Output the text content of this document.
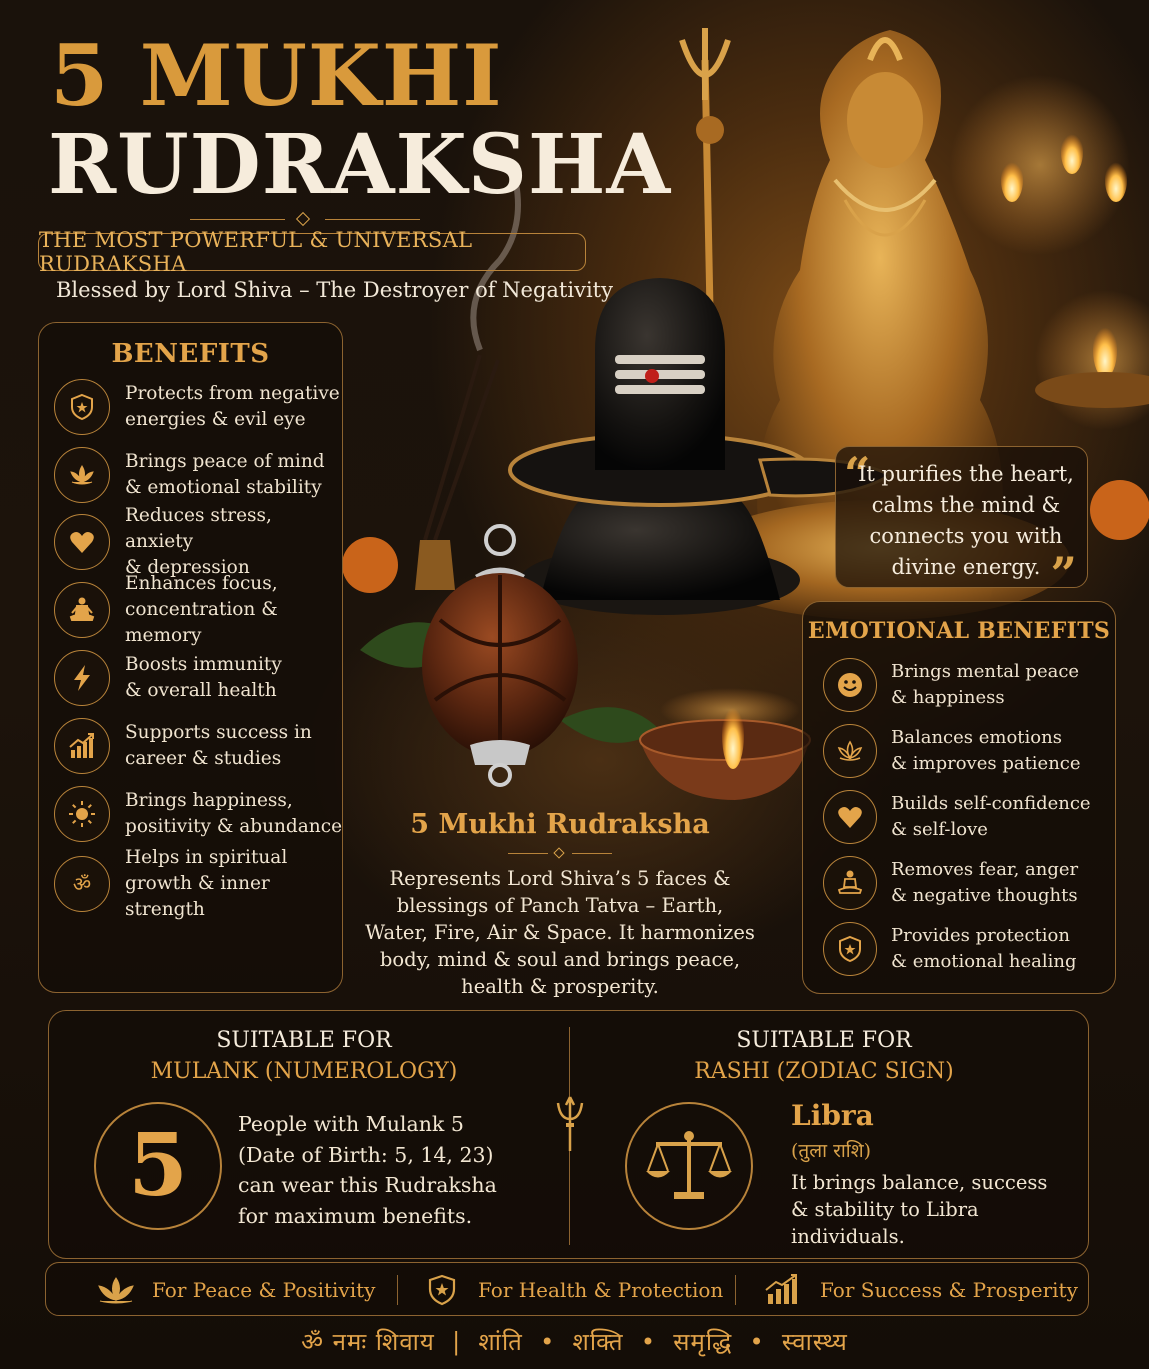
5 MUKHI
RUDRAKSHA
THE MOST POWERFUL & UNIVERSAL RUDRAKSHA
Blessed by Lord Shiva – The Destroyer of Negativity
BENEFITS
Protects from negative
energies & evil eye
Brings peace of mind
& emotional stability
Reduces stress, anxiety
& depression
Enhances focus,
concentration & memory
Boosts immunity
& overall health
Supports success in
career & studies
Brings happiness,
positivity & abundance
ॐ
Helps in spiritual
growth & inner strength
“
It purifies the heart, calms the mind & connects you with divine energy. ”
EMOTIONAL BENEFITS
Brings mental peace
& happiness
Balances emotions
& improves patience
Builds self-confidence
& self-love
Removes fear, anger
& negative thoughts
Provides protection
& emotional healing
5 Mukhi Rudraksha
Represents Lord Shiva’s 5 faces & blessings of Panch Tatva – Earth, Water, Fire, Air & Space. It harmonizes body, mind & soul and brings peace, health & prosperity.
SUITABLE FOR
MULANK (NUMEROLOGY)
5 People with Mulank 5
(Date of Birth: 5, 14, 23)
can wear this Rudraksha
for maximum benefits.
SUITABLE FOR
RASHI (ZODIAC SIGN)
Libra
(तुला राशि)
It brings balance, success
& stability to Libra
individuals.
For Peace & Positivity	For Health & Protection	For Success & Prosperity
ॐ नमः शिवाय  |  शांति  •  शक्ति  •  समृद्धि  •  स्वास्थ्य
